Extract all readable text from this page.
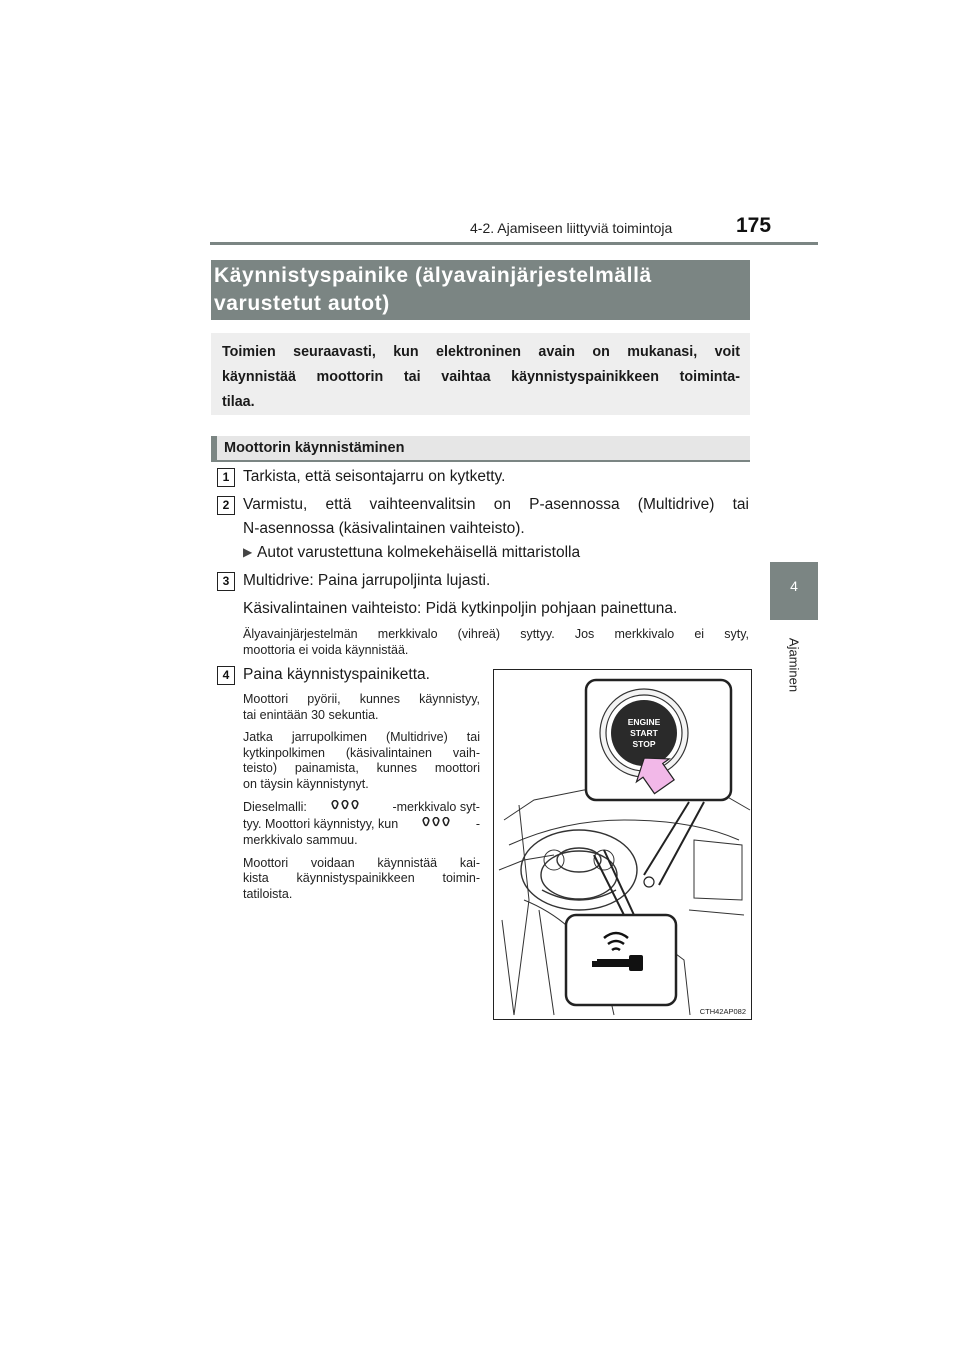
4-2. Ajamiseen liittyviä toimintoja	175
4
Ajaminen
Käynnistyspainike (älyavainjärjestelmällä
varustetut autot)
Toimien seuraavasti, kun elektroninen avain on mukanasi, voit
käynnistää moottorin tai vaihtaa käynnistyspainikkeen toiminta-
tilaa.
Moottorin käynnistäminen
1 Tarkista, että seisontajarru on kytketty.
2 Varmistu, että vaihteenvalitsin on P-asennossa (Multidrive) tai
N-asennossa (käsivalintainen vaihteisto).
▶ Autot varustettuna kolmekehäisellä mittaristolla
3 Multidrive: Paina jarrupoljinta lujasti.
Käsivalintainen vaihteisto: Pidä kytkinpoljin pohjaan painettuna.
Älyavainjärjestelmän merkkivalo (vihreä) syttyy. Jos merkkivalo ei syty,
moottoria ei voida käynnistää.
4 Paina käynnistyspainiketta.
Moottori pyörii, kunnes käynnistyy,
tai enintään 30 sekuntia.
Jatka jarrupolkimen (Multidrive) tai
kytkinpolkimen (käsivalintainen vaih-
teisto) painamista, kunnes moottori
on täysin käynnistynyt.
Dieselmalli:	-merkkivalo syt-
tyy. Moottori käynnistyy, kun	-
merkkivalo sammuu.
Moottori voidaan käynnistää kai-
kista käynnistyspainikkeen toimin-
tatiloista.
ENGINE
START
STOP
CTH42AP082
